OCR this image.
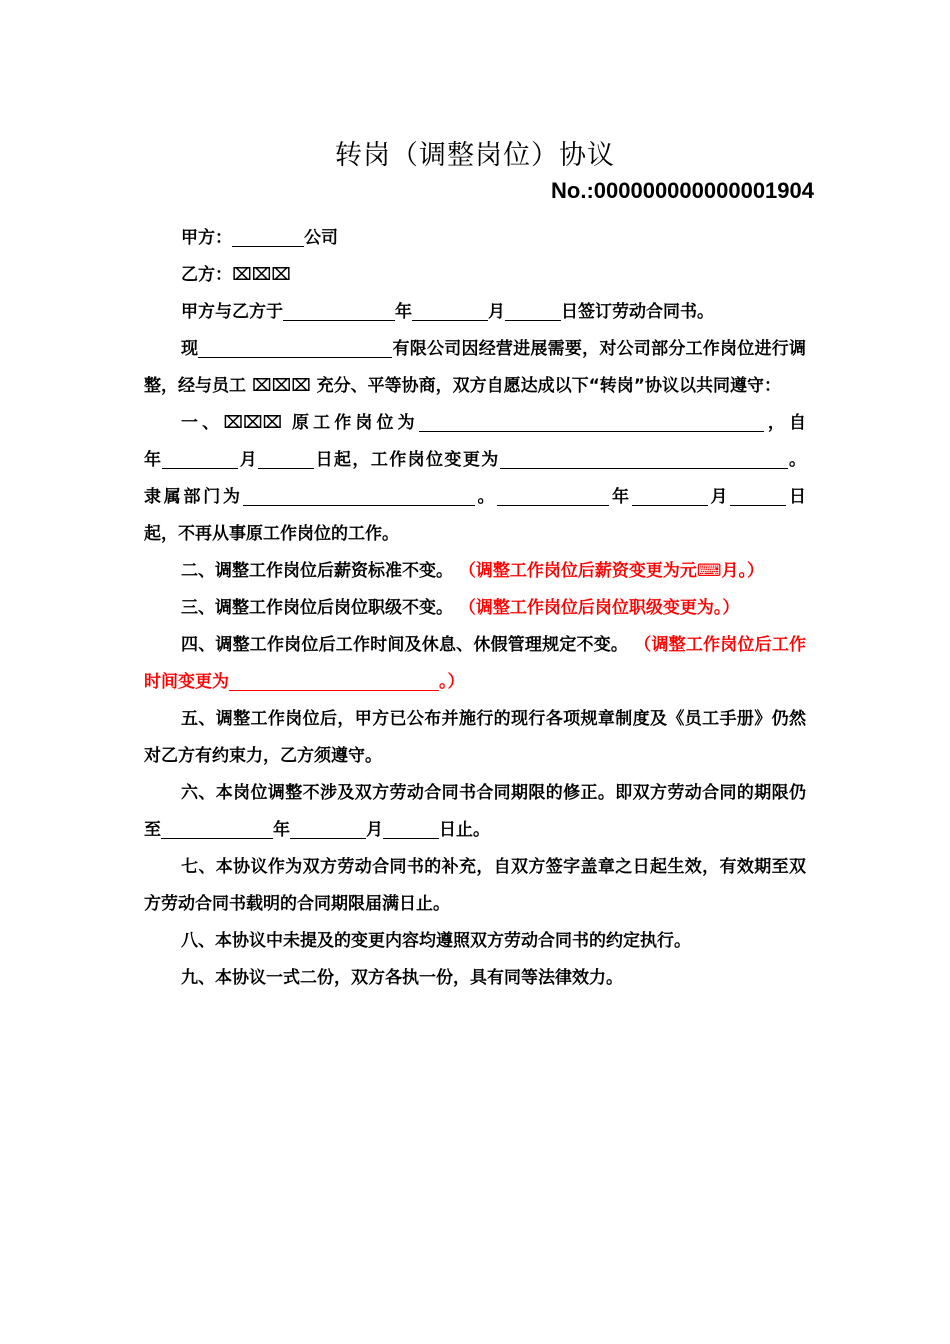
转岗（调整岗位）协议
No.:000000000000001904

甲方：	公司

乙方：⌧⌧⌧

甲方与乙方于	年	月	日签订劳动合同书。

现	有限公司因经营进展需要，对公司部分工作岗位进行调整，经与员工 ⌧⌧⌧ 充分、平等协商，双方自愿达成以下“转岗”协议以共同遵守：

一、⌧⌧⌧ 原工作岗位为	，自
年	月	日起，工作岗位变更为	。
隶属部门为	。	年	月	日

起，不再从事原工作岗位的工作。

二、调整工作岗位后薪资标准不变。 （调整工作岗位后薪资变更为元⌨月。）

三、调整工作岗位后岗位职级不变。 （调整工作岗位后岗位职级变更为。）

四、调整工作岗位后工作时间及休息、休假管理规定不变。 （调整工作岗位后工作时间变更为	。）

五、调整工作岗位后，甲方已公布并施行的现行各项规章制度及《员工手册》仍然对乙方有约束力，乙方须遵守。

六、本岗位调整不涉及双方劳动合同书合同期限的修正。即双方劳动合同的期限仍至	年	月	日止。

七、本协议作为双方劳动合同书的补充，自双方签字盖章之日起生效，有效期至双方劳动合同书载明的合同期限届满日止。

八、本协议中未提及的变更内容均遵照双方劳动合同书的约定执行。

九、本协议一式二份，双方各执一份，具有同等法律效力。
